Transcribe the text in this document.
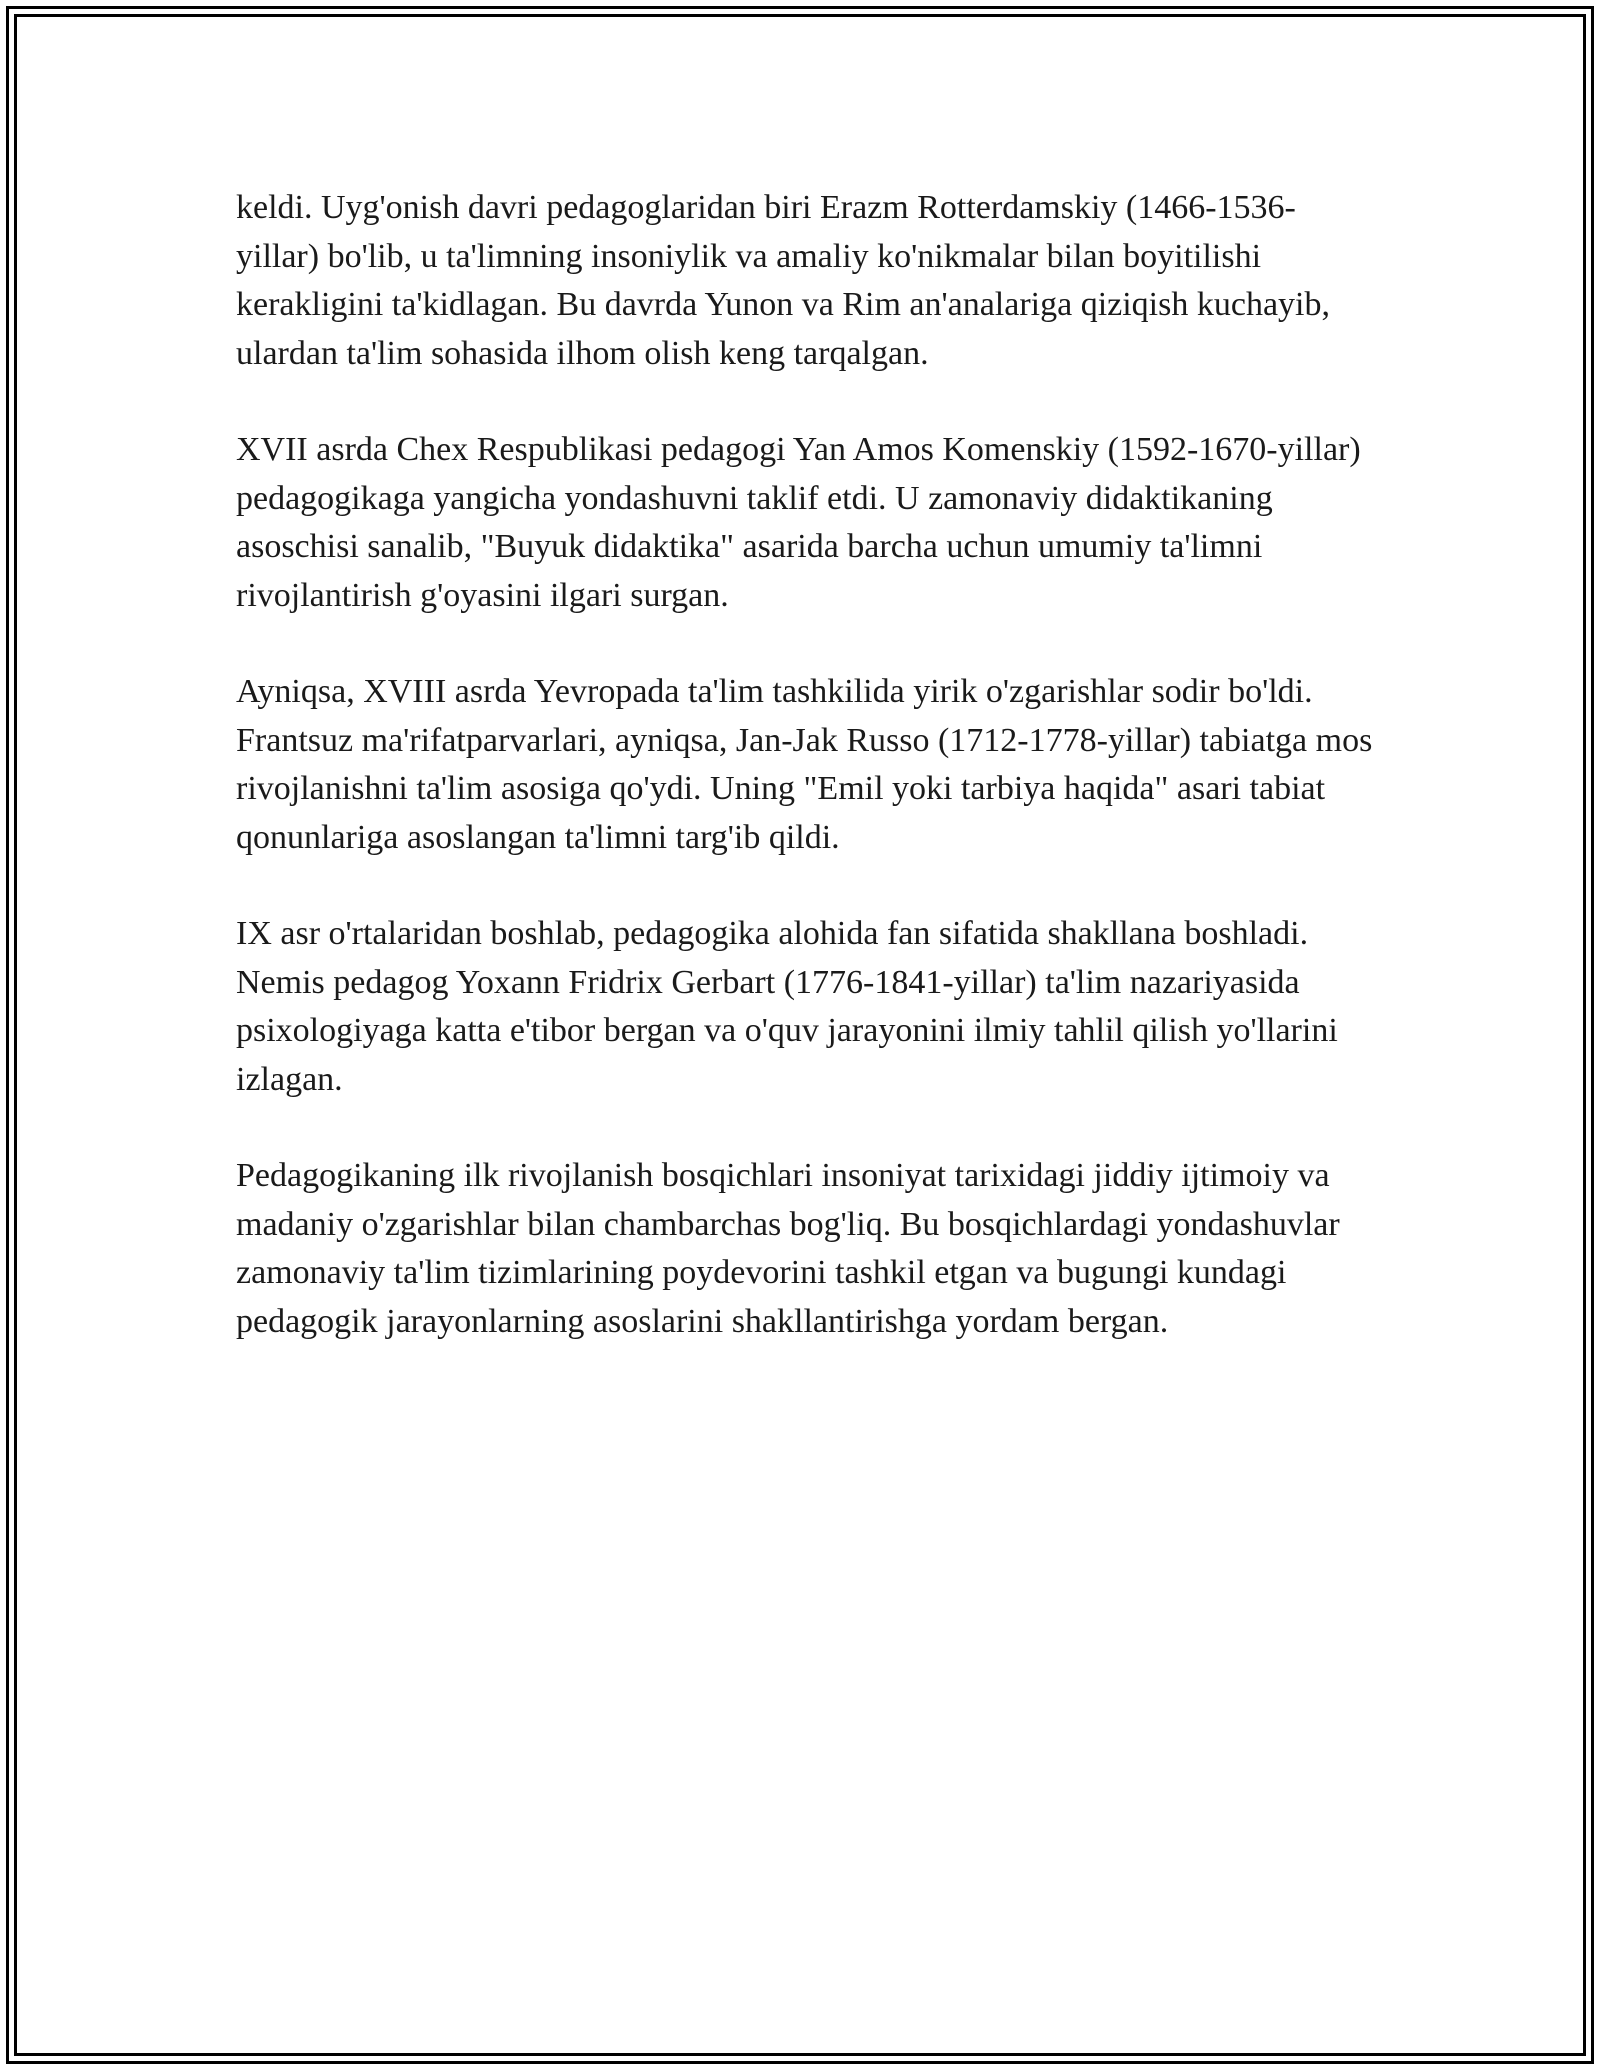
keldi. Uyg'onish davri pedagoglaridan biri Erazm Rotterdamskiy (1466-1536-yillar) bo'lib, u ta'limning insoniylik va amaliy ko'nikmalar bilan boyitilishi kerakligini ta'kidlagan. Bu davrda Yunon va Rim an'analariga qiziqish kuchayib, ulardan ta'lim sohasida ilhom olish keng tarqalgan.

XVII asrda Chex Respublikasi pedagogi Yan Amos Komenskiy (1592-1670-yillar) pedagogikaga yangicha yondashuvni taklif etdi. U zamonaviy didaktikaning asoschisi sanalib, "Buyuk didaktika" asarida barcha uchun umumiy ta'limni rivojlantirish g'oyasini ilgari surgan.

Ayniqsa, XVIII asrda Yevropada ta'lim tashkilida yirik o'zgarishlar sodir bo'ldi. Frantsuz ma'rifatparvarlari, ayniqsa, Jan-Jak Russo (1712-1778-yillar) tabiatga mos rivojlanishni ta'lim asosiga qo'ydi. Uning "Emil yoki tarbiya haqida" asari tabiat qonunlariga asoslangan ta'limni targ'ib qildi.

IX asr o'rtalaridan boshlab, pedagogika alohida fan sifatida shakllana boshladi. Nemis pedagog Yoxann Fridrix Gerbart (1776-1841-yillar) ta'lim nazariyasida psixologiyaga katta e'tibor bergan va o'quv jarayonini ilmiy tahlil qilish yo'llarini izlagan.

Pedagogikaning ilk rivojlanish bosqichlari insoniyat tarixidagi jiddiy ijtimoiy va madaniy o'zgarishlar bilan chambarchas bog'liq. Bu bosqichlardagi yondashuvlar zamonaviy ta'lim tizimlarining poydevorini tashkil etgan va bugungi kundagi pedagogik jarayonlarning asoslarini shakllantirishga yordam bergan.
